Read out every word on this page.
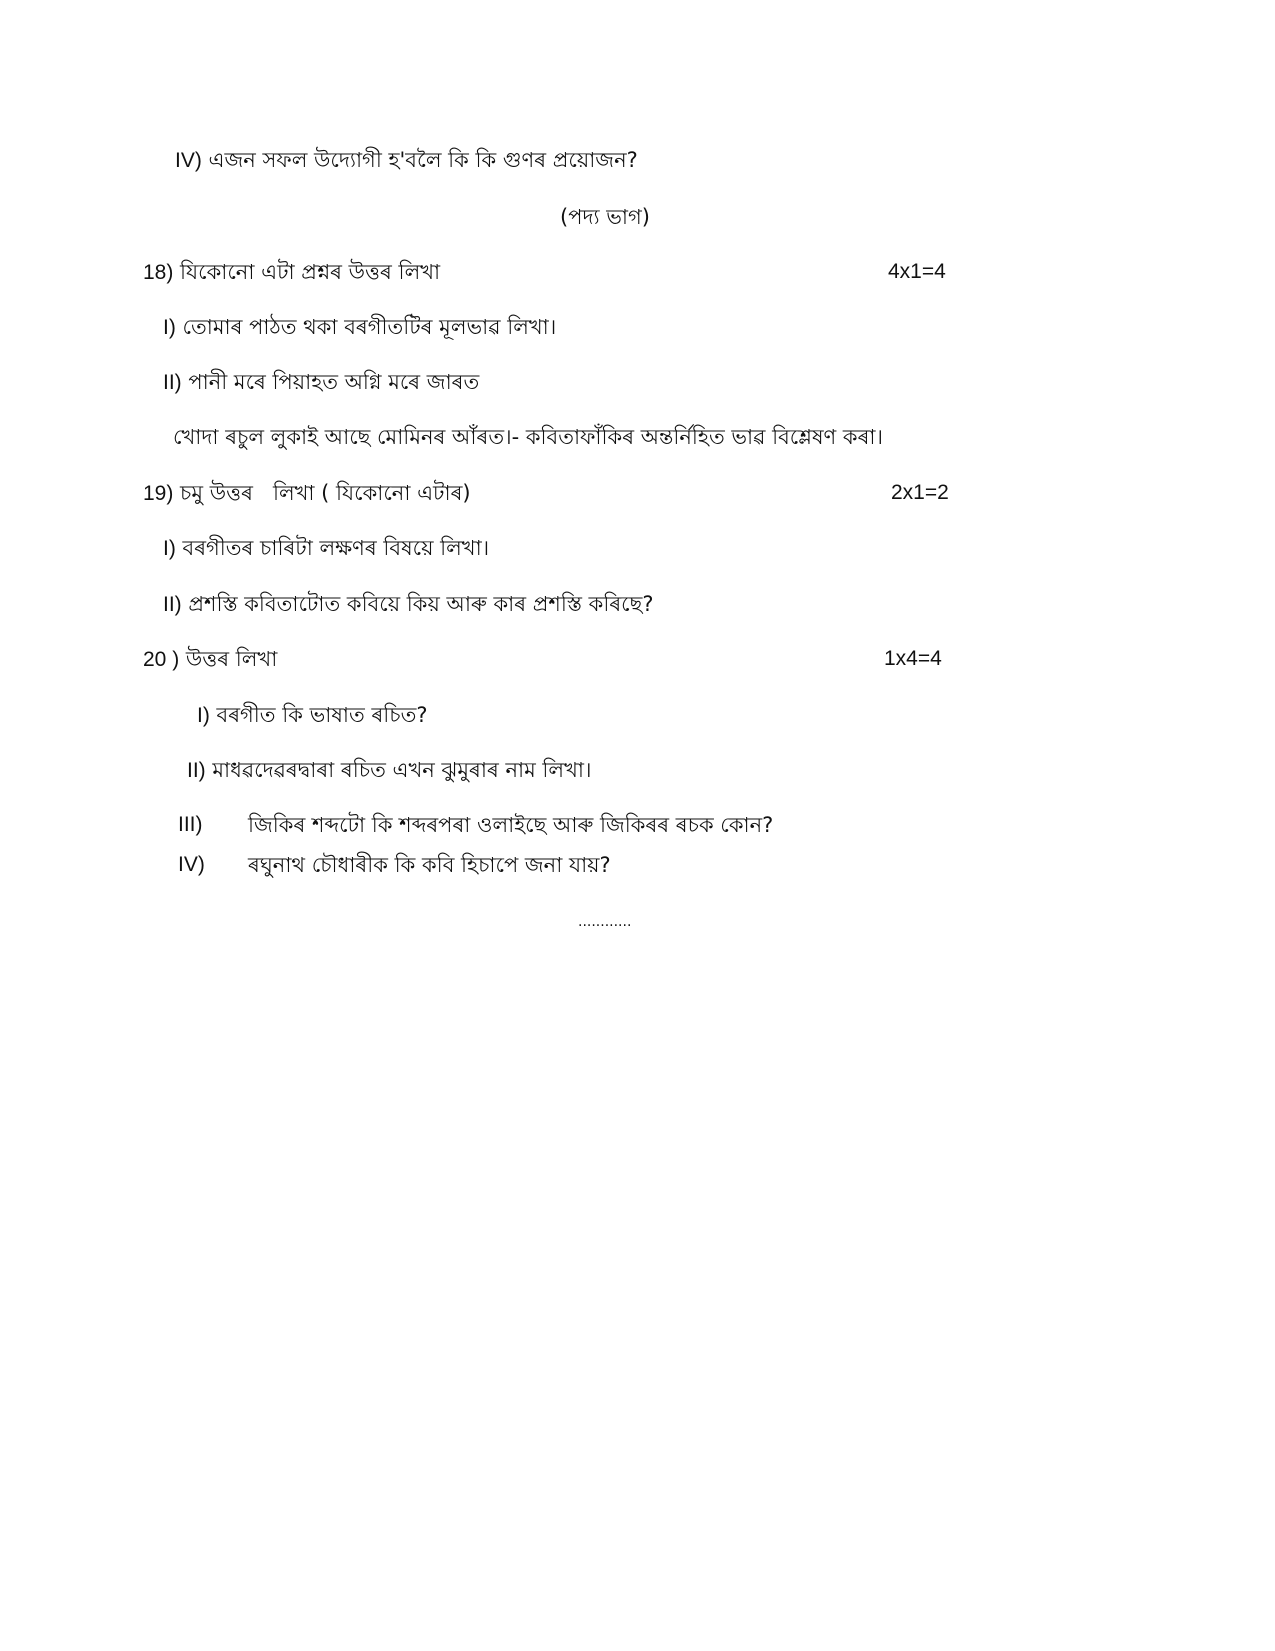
IV) এজন সফল উদ্যোগী হ'বলৈ কি কি গুণৰ প্ৰয়োজন?
(পদ্য ভাগ)
18) যিকোনো এটা প্ৰশ্নৰ উত্তৰ লিখা	4x1=4
I) তোমাৰ পাঠত থকা বৰগীতটিৰ মূলভাৱ লিখা।
II) পানী মৰে পিয়াহত অগ্নি মৰে জাৰত
খোদা ৰচুল লুকাই আছে মোমিনৰ আঁৰত।- কবিতাফাঁকিৰ অন্তৰ্নিহিত ভাৱ বিশ্লেষণ কৰা।
19) চমু উত্তৰ   লিখা ( যিকোনো এটাৰ)	2x1=2
I) বৰগীতৰ চাৰিটা লক্ষণৰ বিষয়ে লিখা।
II) প্ৰশস্তি কবিতাটোত কবিয়ে কিয় আৰু কাৰ প্ৰশস্তি কৰিছে?
20 ) উত্তৰ লিখা	1x4=4
I) বৰগীত কি ভাষাত ৰচিত?
II) মাধৱদেৱৰদ্বাৰা ৰচিত এখন ঝুমুৰাৰ নাম লিখা।
III) জিকিৰ শব্দটো কি শব্দৰপৰা ওলাইছে আৰু জিকিৰৰ ৰচক কোন?
IV) ৰঘুনাথ চৌধাৰীক কি কবি হিচাপে জনা যায়?
............
